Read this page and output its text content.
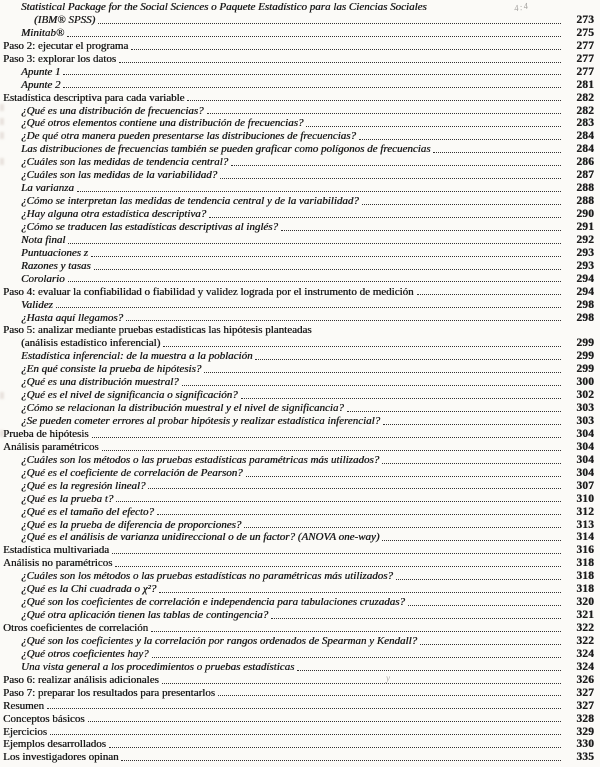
Statistical Package for the Social Sciences o Paquete Estadístico para las Ciencias Sociales
(IBM® SPSS)	273
Minitab®	275
Paso 2: ejecutar el programa	277
Paso 3: explorar los datos	277
Apunte 1	277
Apunte 2	281
Estadística descriptiva para cada variable	282
¿Qué es una distribución de frecuencias?	282
¿Qué otros elementos contiene una distribución de frecuencias?	283
¿De qué otra manera pueden presentarse las distribuciones de frecuencias?	284
Las distribuciones de frecuencias también se pueden graficar como polígonos de frecuencias	284
¿Cuáles son las medidas de tendencia central?	286
¿Cuáles son las medidas de la variabilidad?	287
La varianza	288
¿Cómo se interpretan las medidas de tendencia central y de la variabilidad?	288
¿Hay alguna otra estadística descriptiva?	290
¿Cómo se traducen las estadísticas descriptivas al inglés?	291
Nota final	292
Puntuaciones z	293
Razones y tasas	293
Corolario	294
Paso 4: evaluar la confiabilidad o fiabilidad y validez lograda por el instrumento de medición	294
Validez	298
¿Hasta aquí llegamos?	298
Paso 5: analizar mediante pruebas estadísticas las hipótesis planteadas
(análisis estadístico inferencial)	299
Estadística inferencial: de la muestra a la población	299
¿En qué consiste la prueba de hipótesis?	299
¿Qué es una distribución muestral?	300
¿Qué es el nivel de significancia o significación?	302
¿Cómo se relacionan la distribución muestral y el nivel de significancia?	303
¿Se pueden cometer errores al probar hipótesis y realizar estadística inferencial?	303
Prueba de hipótesis	304
Análisis paramétricos	304
¿Cuáles son los métodos o las pruebas estadísticas paramétricas más utilizados?	304
¿Qué es el coeficiente de correlación de Pearson?	304
¿Qué es la regresión lineal?	307
¿Qué es la prueba t?	310
¿Qué es el tamaño del efecto?	312
¿Qué es la prueba de diferencia de proporciones?	313
¿Qué es el análisis de varianza unidireccional o de un factor? (ANOVA one-way)	314
Estadística multivariada	316
Análisis no paramétricos	318
¿Cuáles son los métodos o las pruebas estadísticas no paramétricas más utilizados?	318
¿Qué es la Chi cuadrada o χ²?	318
¿Qué son los coeficientes de correlación e independencia para tabulaciones cruzadas?	320
¿Qué otra aplicación tienen las tablas de contingencia?	321
Otros coeficientes de correlación	322
¿Qué son los coeficientes y la correlación por rangos ordenados de Spearman y Kendall?	322
¿Qué otros coeficientes hay?	324
Una vista general a los procedimientos o pruebas estadísticas	324
Paso 6: realizar análisis adicionales	326
Paso 7: preparar los resultados para presentarlos	327
Resumen	327
Conceptos básicos	328
Ejercicios	329
Ejemplos desarrollados	330
Los investigadores opinan	335
4:4
y
